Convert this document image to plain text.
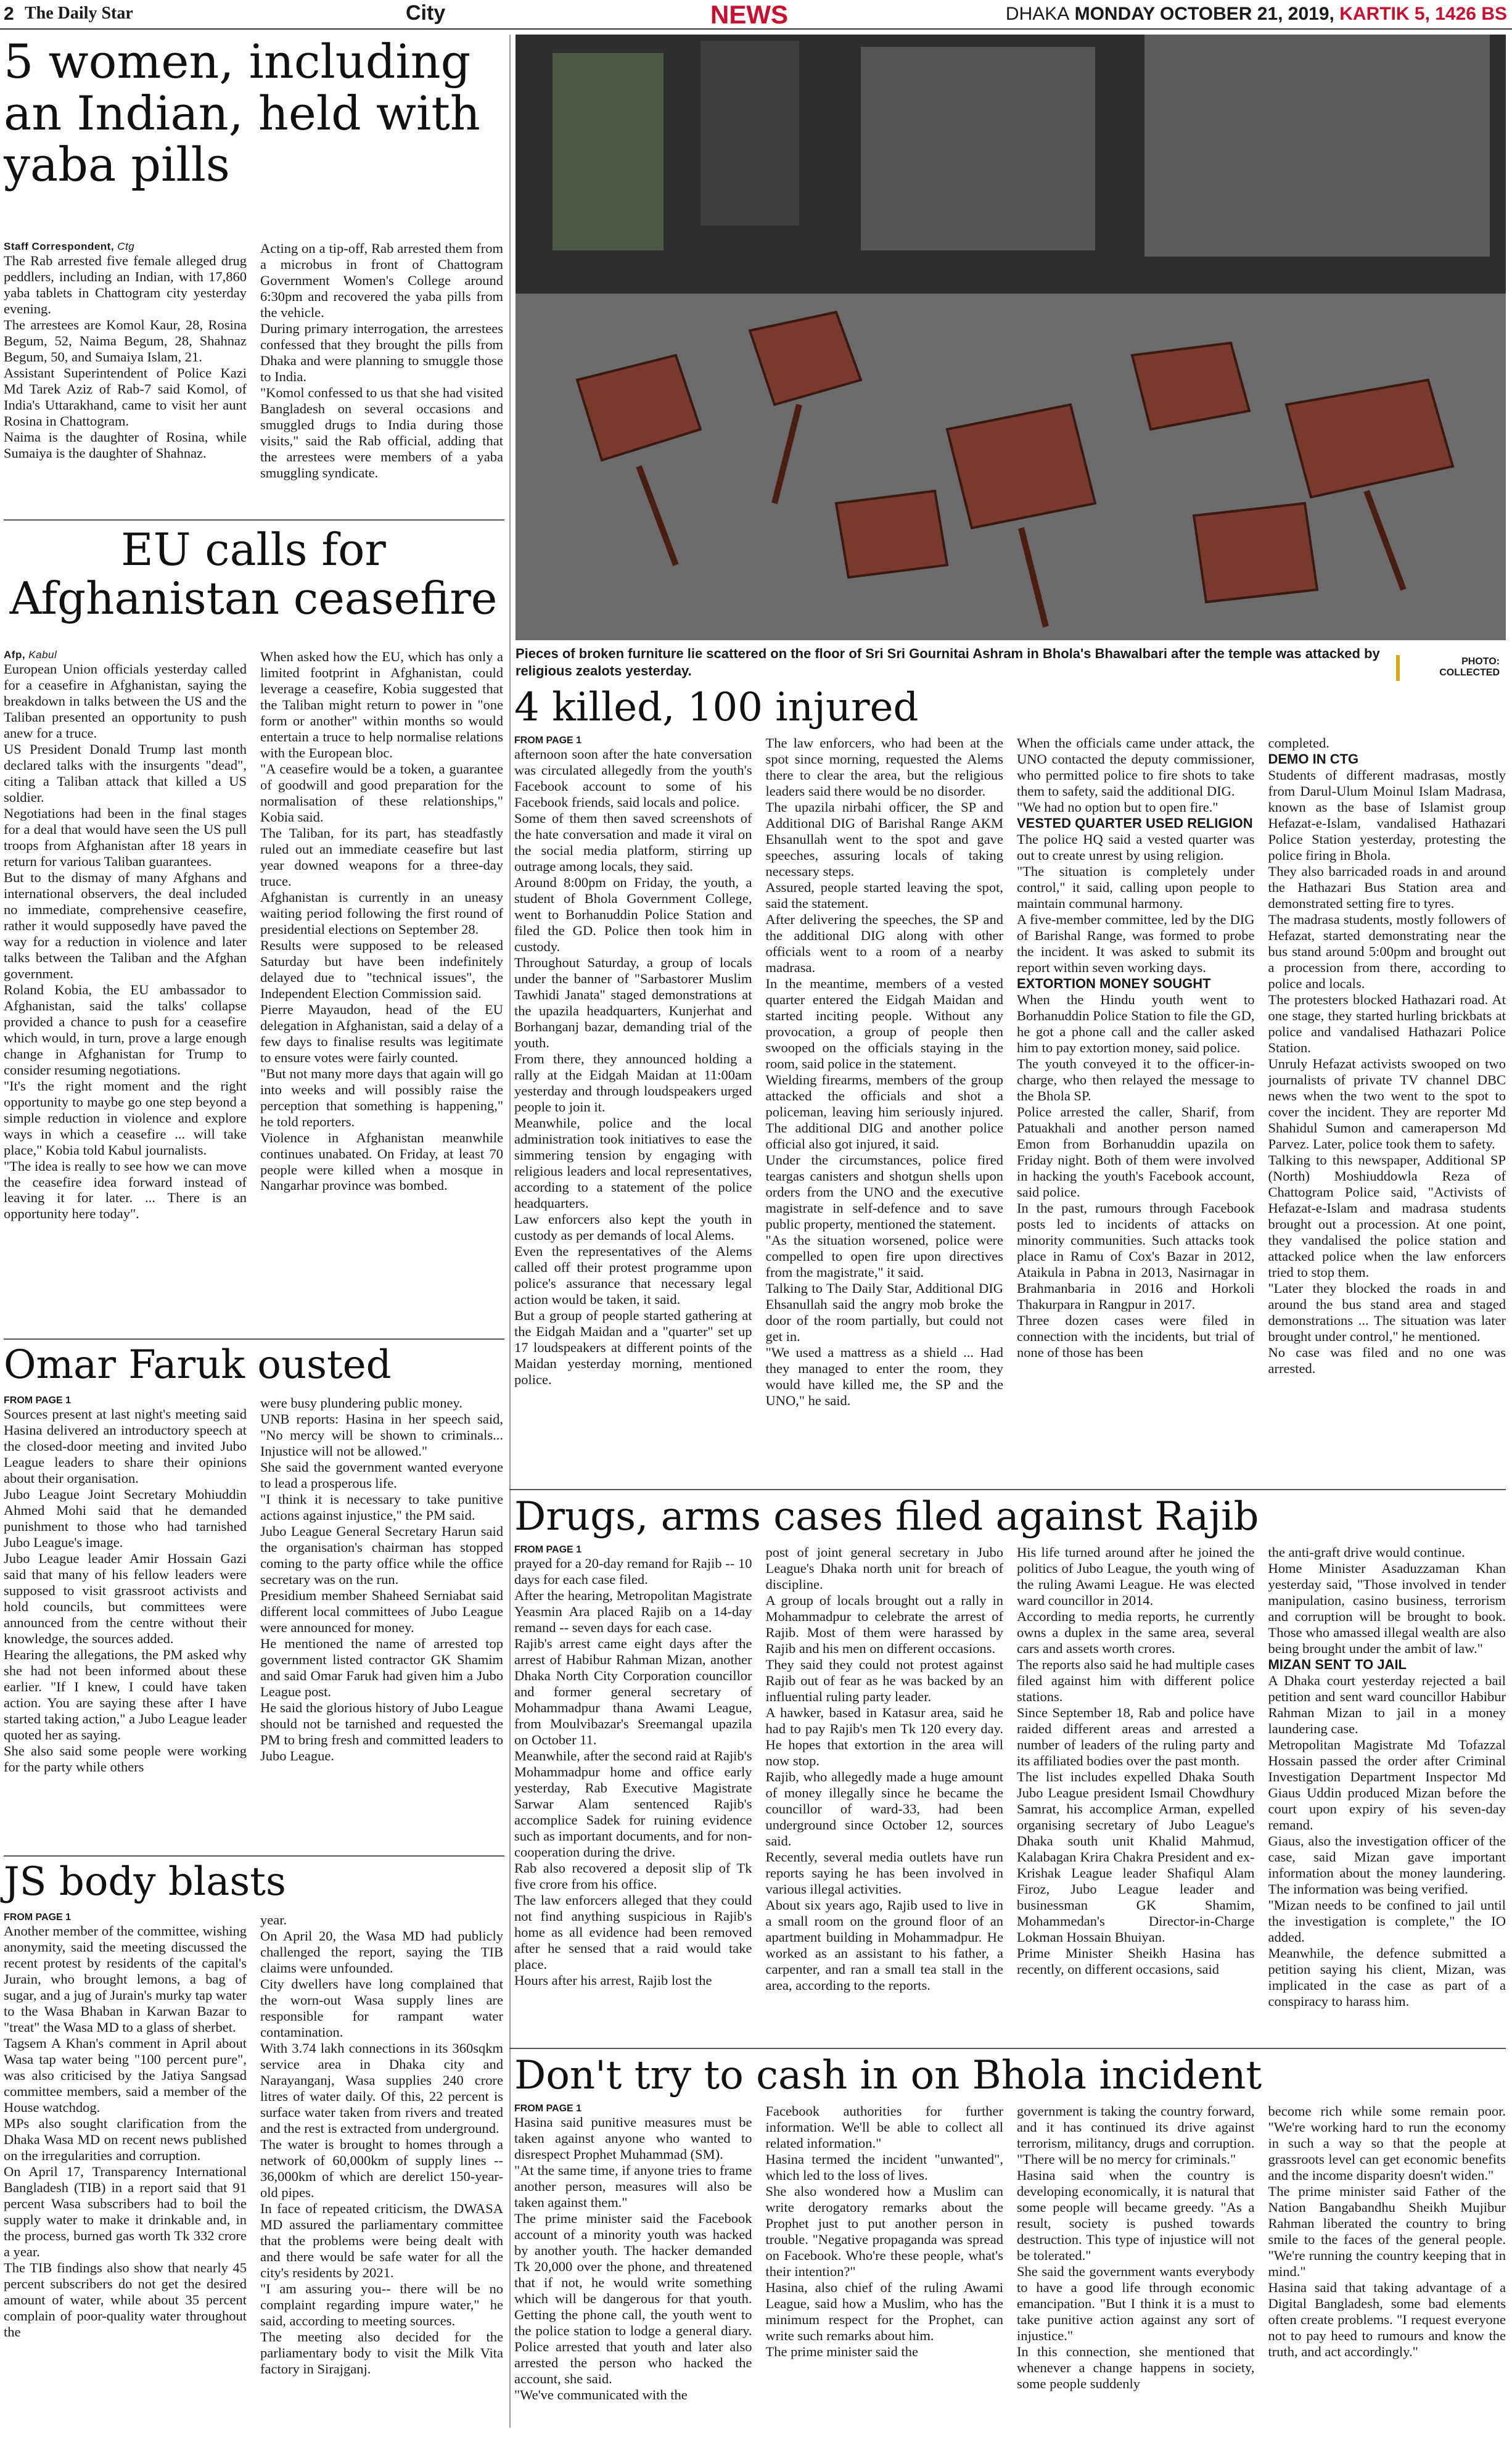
2 The Daily Star	City	NEWS	DHAKA MONDAY OCTOBER 21, 2019, KARTIK 5, 1426 BS
5 women, including an Indian, held with yaba pills
Staff Correspondent, Ctg

The Rab arrested five female alleged drug peddlers, including an Indian, with 17,860 yaba tablets in Chattogram city yesterday evening.

The arrestees are Komol Kaur, 28, Rosina Begum, 52, Naima Begum, 28, Shahnaz Begum, 50, and Sumaiya Islam, 21.

Assistant Superintendent of Police Kazi Md Tarek Aziz of Rab-7 said Komol, of India's Uttarakhand, came to visit her aunt Rosina in Chattogram.

Naima is the daughter of Rosina, while Sumaiya is the daughter of Shahnaz.

Acting on a tip-off, Rab arrested them from a microbus in front of Chattogram Government Women's College around 6:30pm and recovered the yaba pills from the vehicle.

During primary interrogation, the arrestees confessed that they brought the pills from Dhaka and were planning to smuggle those to India.

"Komol confessed to us that she had visited Bangladesh on several occasions and smuggled drugs to India during those visits," said the Rab official, adding that the arrestees were members of a yaba smuggling syndicate.

EU calls for Afghanistan ceasefire
Afp, Kabul

European Union officials yesterday called for a ceasefire in Afghanistan, saying the breakdown in talks between the US and the Taliban presented an opportunity to push anew for a truce.

US President Donald Trump last month declared talks with the insurgents "dead", citing a Taliban attack that killed a US soldier.

Negotiations had been in the final stages for a deal that would have seen the US pull troops from Afghanistan after 18 years in return for various Taliban guarantees.

But to the dismay of many Afghans and international observers, the deal included no immediate, comprehensive ceasefire, rather it would supposedly have paved the way for a reduction in violence and later talks between the Taliban and the Afghan government.

Roland Kobia, the EU ambassador to Afghanistan, said the talks' collapse provided a chance to push for a ceasefire which would, in turn, prove a large enough change in Afghanistan for Trump to consider resuming negotiations.

"It's the right moment and the right opportunity to maybe go one step beyond a simple reduction in violence and explore ways in which a ceasefire ... will take place," Kobia told Kabul journalists.

"The idea is really to see how we can move the ceasefire idea forward instead of leaving it for later. ... There is an opportunity here today".

When asked how the EU, which has only a limited footprint in Afghanistan, could leverage a ceasefire, Kobia suggested that the Taliban might return to power in "one form or another" within months so would entertain a truce to help normalise relations with the European bloc.

"A ceasefire would be a token, a guarantee of goodwill and good preparation for the normalisation of these relationships," Kobia said.

The Taliban, for its part, has steadfastly ruled out an immediate ceasefire but last year downed weapons for a three-day truce.

Afghanistan is currently in an uneasy waiting period following the first round of presidential elections on September 28.

Results were supposed to be released Saturday but have been indefinitely delayed due to "technical issues", the Independent Election Commission said.

Pierre Mayaudon, head of the EU delegation in Afghanistan, said a delay of a few days to finalise results was legitimate to ensure votes were fairly counted.

"But not many more days that again will go into weeks and will possibly raise the perception that something is happening," he told reporters.

Violence in Afghanistan meanwhile continues unabated. On Friday, at least 70 people were killed when a mosque in Nangarhar province was bombed.

Omar Faruk ousted
FROM PAGE 1

Sources present at last night's meeting said Hasina delivered an introductory speech at the closed-door meeting and invited Jubo League leaders to share their opinions about their organisation.

Jubo League Joint Secretary Mohiuddin Ahmed Mohi said that he demanded punishment to those who had tarnished Jubo League's image.

Jubo League leader Amir Hossain Gazi said that many of his fellow leaders were supposed to visit grassroot activists and hold councils, but committees were announced from the centre without their knowledge, the sources added.

Hearing the allegations, the PM asked why she had not been informed about these earlier. "If I knew, I could have taken action. You are saying these after I have started taking action," a Jubo League leader quoted her as saying.

She also said some people were working for the party while others

were busy plundering public money.

UNB reports: Hasina in her speech said, "No mercy will be shown to criminals... Injustice will not be allowed."

She said the government wanted everyone to lead a prosperous life.

"I think it is necessary to take punitive actions against injustice," the PM said.

Jubo League General Secretary Harun said the organisation's chairman has stopped coming to the party office while the office secretary was on the run.

Presidium member Shaheed Serniabat said different local committees of Jubo League were announced for money.

He mentioned the name of arrested top government listed contractor GK Shamim and said Omar Faruk had given him a Jubo League post.

He said the glorious history of Jubo League should not be tarnished and requested the PM to bring fresh and committed leaders to Jubo League.

JS body blasts
FROM PAGE 1

Another member of the committee, wishing anonymity, said the meeting discussed the recent protest by residents of the capital's Jurain, who brought lemons, a bag of sugar, and a jug of Jurain's murky tap water to the Wasa Bhaban in Karwan Bazar to "treat" the Wasa MD to a glass of sherbet.

Tagsem A Khan's comment in April about Wasa tap water being "100 percent pure", was also criticised by the Jatiya Sangsad committee members, said a member of the House watchdog.

MPs also sought clarification from the Dhaka Wasa MD on recent news published on the irregularities and corruption.

On April 17, Transparency International Bangladesh (TIB) in a report said that 91 percent Wasa subscribers had to boil the supply water to make it drinkable and, in the process, burned gas worth Tk 332 crore a year.

The TIB findings also show that nearly 45 percent subscribers do not get the desired amount of water, while about 35 percent complain of poor-quality water throughout the

year.

On April 20, the Wasa MD had publicly challenged the report, saying the TIB claims were unfounded.

City dwellers have long complained that the worn-out Wasa supply lines are responsible for rampant water contamination.

With 3.74 lakh connections in its 360sqkm service area in Dhaka city and Narayanganj, Wasa supplies 240 crore litres of water daily. Of this, 22 percent is surface water taken from rivers and treated and the rest is extracted from underground.

The water is brought to homes through a network of 60,000km of supply lines -- 36,000km of which are derelict 150-year-old pipes.

In face of repeated criticism, the DWASA MD assured the parliamentary committee that the problems were being dealt with and there would be safe water for all the city's residents by 2021.

"I am assuring you-- there will be no complaint regarding impure water," he said, according to meeting sources.

The meeting also decided for the parliamentary body to visit the Milk Vita factory in Sirajganj.

Pieces of broken furniture lie scattered on the floor of Sri Sri Gournitai Ashram in Bhola's Bhawalbari after the temple was attacked by religious zealots yesterday.
PHOTO:
COLLECTED
4 killed, 100 injured
FROM PAGE 1

afternoon soon after the hate conversation was circulated allegedly from the youth's Facebook account to some of his Facebook friends, said locals and police.

Some of them then saved screenshots of the hate conversation and made it viral on the social media platform, stirring up outrage among locals, they said.

Around 8:00pm on Friday, the youth, a student of Bhola Government College, went to Borhanuddin Police Station and filed the GD. Police then took him in custody.

Throughout Saturday, a group of locals under the banner of "Sarbastorer Muslim Tawhidi Janata" staged demonstrations at the upazila headquarters, Kunjerhat and Borhanganj bazar, demanding trial of the youth.

From there, they announced holding a rally at the Eidgah Maidan at 11:00am yesterday and through loudspeakers urged people to join it.

Meanwhile, police and the local administration took initiatives to ease the simmering tension by engaging with religious leaders and local representatives, according to a statement of the police headquarters.

Law enforcers also kept the youth in custody as per demands of local Alems.

Even the representatives of the Alems called off their protest programme upon police's assurance that necessary legal action would be taken, it said.

But a group of people started gathering at the Eidgah Maidan and a "quarter" set up 17 loudspeakers at different points of the Maidan yesterday morning, mentioned police.

The law enforcers, who had been at the spot since morning, requested the Alems there to clear the area, but the religious leaders said there would be no disorder.

The upazila nirbahi officer, the SP and Additional DIG of Barishal Range AKM Ehsanullah went to the spot and gave speeches, assuring locals of taking necessary steps.

Assured, people started leaving the spot, said the statement.

After delivering the speeches, the SP and the additional DIG along with other officials went to a room of a nearby madrasa.

In the meantime, members of a vested quarter entered the Eidgah Maidan and started inciting people. Without any provocation, a group of people then swooped on the officials staying in the room, said police in the statement.

Wielding firearms, members of the group attacked the officials and shot a policeman, leaving him seriously injured. The additional DIG and another police official also got injured, it said.

Under the circumstances, police fired teargas canisters and shotgun shells upon orders from the UNO and the executive magistrate in self-defence and to save public property, mentioned the statement.

"As the situation worsened, police were compelled to open fire upon directives from the magistrate," it said.

Talking to The Daily Star, Additional DIG Ehsanullah said the angry mob broke the door of the room partially, but could not get in.

"We used a mattress as a shield ... Had they managed to enter the room, they would have killed me, the SP and the UNO," he said.

When the officials came under attack, the UNO contacted the deputy commissioner, who permitted police to fire shots to take them to safety, said the additional DIG.

"We had no option but to open fire."

VESTED QUARTER USED RELIGION

The police HQ said a vested quarter was out to create unrest by using religion.

"The situation is completely under control," it said, calling upon people to maintain communal harmony.

A five-member committee, led by the DIG of Barishal Range, was formed to probe the incident. It was asked to submit its report within seven working days.

EXTORTION MONEY SOUGHT

When the Hindu youth went to Borhanuddin Police Station to file the GD, he got a phone call and the caller asked him to pay extortion money, said police.

The youth conveyed it to the officer-in-charge, who then relayed the message to the Bhola SP.

Police arrested the caller, Sharif, from Patuakhali and another person named Emon from Borhanuddin upazila on Friday night. Both of them were involved in hacking the youth's Facebook account, said police.

In the past, rumours through Facebook posts led to incidents of attacks on minority communities. Such attacks took place in Ramu of Cox's Bazar in 2012, Ataikula in Pabna in 2013, Nasirnagar in Brahmanbaria in 2016 and Horkoli Thakurpara in Rangpur in 2017.

Three dozen cases were filed in connection with the incidents, but trial of none of those has been

completed.

DEMO IN CTG

Students of different madrasas, mostly from Darul-Ulum Moinul Islam Madrasa, known as the base of Islamist group Hefazat-e-Islam, vandalised Hathazari Police Station yesterday, protesting the police firing in Bhola.

They also barricaded roads in and around the Hathazari Bus Station area and demonstrated setting fire to tyres.

The madrasa students, mostly followers of Hefazat, started demonstrating near the bus stand around 5:00pm and brought out a procession from there, according to police and locals.

The protesters blocked Hathazari road. At one stage, they started hurling brickbats at police and vandalised Hathazari Police Station.

Unruly Hefazat activists swooped on two journalists of private TV channel DBC news when the two went to the spot to cover the incident. They are reporter Md Shahidul Sumon and cameraperson Md Parvez. Later, police took them to safety.

Talking to this newspaper, Additional SP (North) Moshiuddowla Reza of Chattogram Police said, "Activists of Hefazat-e-Islam and madrasa students brought out a procession. At one point, they vandalised the police station and attacked police when the law enforcers tried to stop them.

"Later they blocked the roads in and around the bus stand area and staged demonstrations ... The situation was later brought under control," he mentioned.

No case was filed and no one was arrested.

Drugs, arms cases filed against Rajib
FROM PAGE 1

prayed for a 20-day remand for Rajib -- 10 days for each case filed.

After the hearing, Metropolitan Magistrate Yeasmin Ara placed Rajib on a 14-day remand -- seven days for each case.

Rajib's arrest came eight days after the arrest of Habibur Rahman Mizan, another Dhaka North City Corporation councillor and former general secretary of Mohammadpur thana Awami League, from Moulvibazar's Sreemangal upazila on October 11.

Meanwhile, after the second raid at Rajib's Mohammadpur home and office early yesterday, Rab Executive Magistrate Sarwar Alam sentenced Rajib's accomplice Sadek for ruining evidence such as important documents, and for non-cooperation during the drive.

Rab also recovered a deposit slip of Tk five crore from his office.

The law enforcers alleged that they could not find anything suspicious in Rajib's home as all evidence had been removed after he sensed that a raid would take place.

Hours after his arrest, Rajib lost the

post of joint general secretary in Jubo League's Dhaka north unit for breach of discipline.

A group of locals brought out a rally in Mohammadpur to celebrate the arrest of Rajib. Most of them were harassed by Rajib and his men on different occasions.

They said they could not protest against Rajib out of fear as he was backed by an influential ruling party leader.

A hawker, based in Katasur area, said he had to pay Rajib's men Tk 120 every day. He hopes that extortion in the area will now stop.

Rajib, who allegedly made a huge amount of money illegally since he became the councillor of ward-33, had been underground since October 12, sources said.

Recently, several media outlets have run reports saying he has been involved in various illegal activities.

About six years ago, Rajib used to live in a small room on the ground floor of an apartment building in Mohammadpur. He worked as an assistant to his father, a carpenter, and ran a small tea stall in the area, according to the reports.

His life turned around after he joined the politics of Jubo League, the youth wing of the ruling Awami League. He was elected ward councillor in 2014.

According to media reports, he currently owns a duplex in the same area, several cars and assets worth crores.

The reports also said he had multiple cases filed against him with different police stations.

Since September 18, Rab and police have raided different areas and arrested a number of leaders of the ruling party and its affiliated bodies over the past month.

The list includes expelled Dhaka South Jubo League president Ismail Chowdhury Samrat, his accomplice Arman, expelled organising secretary of Jubo League's Dhaka south unit Khalid Mahmud, Kalabagan Krira Chakra President and ex-Krishak League leader Shafiqul Alam Firoz, Jubo League leader and businessman GK Shamim, Mohammedan's Director-in-Charge Lokman Hossain Bhuiyan.

Prime Minister Sheikh Hasina has recently, on different occasions, said

the anti-graft drive would continue.

Home Minister Asaduzzaman Khan yesterday said, "Those involved in tender manipulation, casino business, terrorism and corruption will be brought to book. Those who amassed illegal wealth are also being brought under the ambit of law."

MIZAN SENT TO JAIL

A Dhaka court yesterday rejected a bail petition and sent ward councillor Habibur Rahman Mizan to jail in a money laundering case.

Metropolitan Magistrate Md Tofazzal Hossain passed the order after Criminal Investigation Department Inspector Md Giaus Uddin produced Mizan before the court upon expiry of his seven-day remand.

Giaus, also the investigation officer of the case, said Mizan gave important information about the money laundering. The information was being verified.

"Mizan needs to be confined to jail until the investigation is complete," the IO added.

Meanwhile, the defence submitted a petition saying his client, Mizan, was implicated in the case as part of a conspiracy to harass him.

Don't try to cash in on Bhola incident
FROM PAGE 1

Hasina said punitive measures must be taken against anyone who wanted to disrespect Prophet Muhammad (SM).

"At the same time, if anyone tries to frame another person, measures will also be taken against them."

The prime minister said the Facebook account of a minority youth was hacked by another youth. The hacker demanded Tk 20,000 over the phone, and threatened that if not, he would write something which will be dangerous for that youth. Getting the phone call, the youth went to the police station to lodge a general diary. Police arrested that youth and later also arrested the person who hacked the account, she said.

"We've communicated with the

Facebook authorities for further information. We'll be able to collect all related information."

Hasina termed the incident "unwanted", which led to the loss of lives.

She also wondered how a Muslim can write derogatory remarks about the Prophet just to put another person in trouble. "Negative propaganda was spread on Facebook. Who're these people, what's their intention?"

Hasina, also chief of the ruling Awami League, said how a Muslim, who has the minimum respect for the Prophet, can write such remarks about him.

The prime minister said the

government is taking the country forward, and it has continued its drive against terrorism, militancy, drugs and corruption. "There will be no mercy for criminals."

Hasina said when the country is developing economically, it is natural that some people will became greedy. "As a result, society is pushed towards destruction. This type of injustice will not be tolerated."

She said the government wants everybody to have a good life through economic emancipation. "But I think it is a must to take punitive action against any sort of injustice."

In this connection, she mentioned that whenever a change happens in society, some people suddenly

become rich while some remain poor. "We're working hard to run the economy in such a way so that the people at grassroots level can get economic benefits and the income disparity doesn't widen."

The prime minister said Father of the Nation Bangabandhu Sheikh Mujibur Rahman liberated the country to bring smile to the faces of the general people. "We're running the country keeping that in mind."

Hasina said that taking advantage of a Digital Bangladesh, some bad elements often create problems. "I request everyone not to pay heed to rumours and know the truth, and act accordingly."
